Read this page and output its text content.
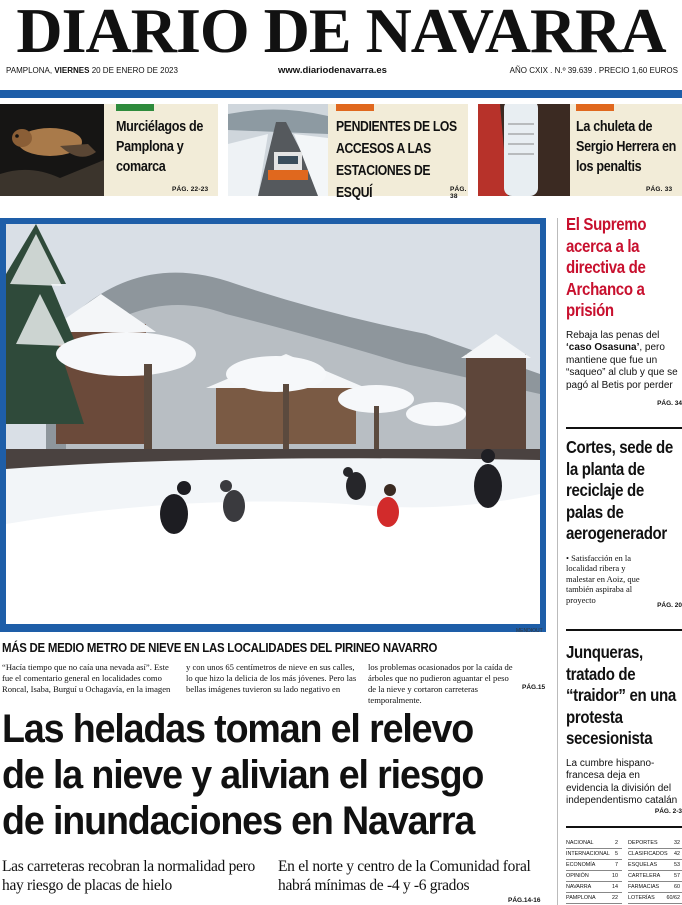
DIARIO DE NAVARRA
PAMPLONA, VIERNES 20 DE ENERO DE 2023	www.diariodenavarra.es	AÑO CXIX . N.º 39.639 . PRECIO 1,60 EUROS
Murciélagos de Pamplona y comarca
PÁG. 22-23
PENDIENTES DE LOS ACCESOS A LAS ESTACIONES DE ESQUÍ	PÁG. 38
La chuleta de Sergio Herrera en los penaltis
PÁG. 33
MENDIOUT
MÁS DE MEDIO METRO DE NIEVE EN LAS LOCALIDADES DEL PIRINEO NAVARRO
“Hacía tiempo que no caía una nevada así”. Este fue el comentario general en localidades como Roncal, Isaba, Burguí u Ochagavía, en la imagen
y con unos 65 centímetros de nieve en sus calles, lo que hizo la delicia de los más jóvenes. Pero las bellas imágenes tuvieron su lado negativo en
los problemas ocasionados por la caída de árboles que no pudieron aguantar el peso de la nieve y cortaron carreteras temporalmente.
PÁG.15
Las heladas toman el relevo de la nieve y alivian el riesgo de inundaciones en Navarra
Las carreteras recobran la normalidad pero hay riesgo de placas de hielo
En el norte y centro de la Comunidad foral habrá mínimas de -4 y -6 grados
PÁG.14-16
El Supremo acerca a la directiva de Archanco a prisión
Rebaja las penas del ‘caso Osasuna’, pero mantiene que fue un “saqueo” al club y que se pagó al Betis por perder
PÁG. 34
Cortes, sede de la planta de reciclaje de palas de aerogenerador
• Satisfacción en la localidad ribera y malestar en Aoiz, que también aspiraba al proyecto
PÁG. 20
Junqueras, tratado de “traidor” en una protesta secesionista
La cumbre hispano-francesa deja en evidencia la división del independentismo catalán
PÁG. 2-3
NACIONAL	2
INTERNACIONAL 5
ECONOMÍA	7
OPINIÓN	10
NAVARRA	14
PAMPLONA	22
DEPORTES	32
CLASIFICADOS 42
ESQUELAS	53
CARTELERA	57
FARMACIAS	60
LOTERÍAS 60/62
